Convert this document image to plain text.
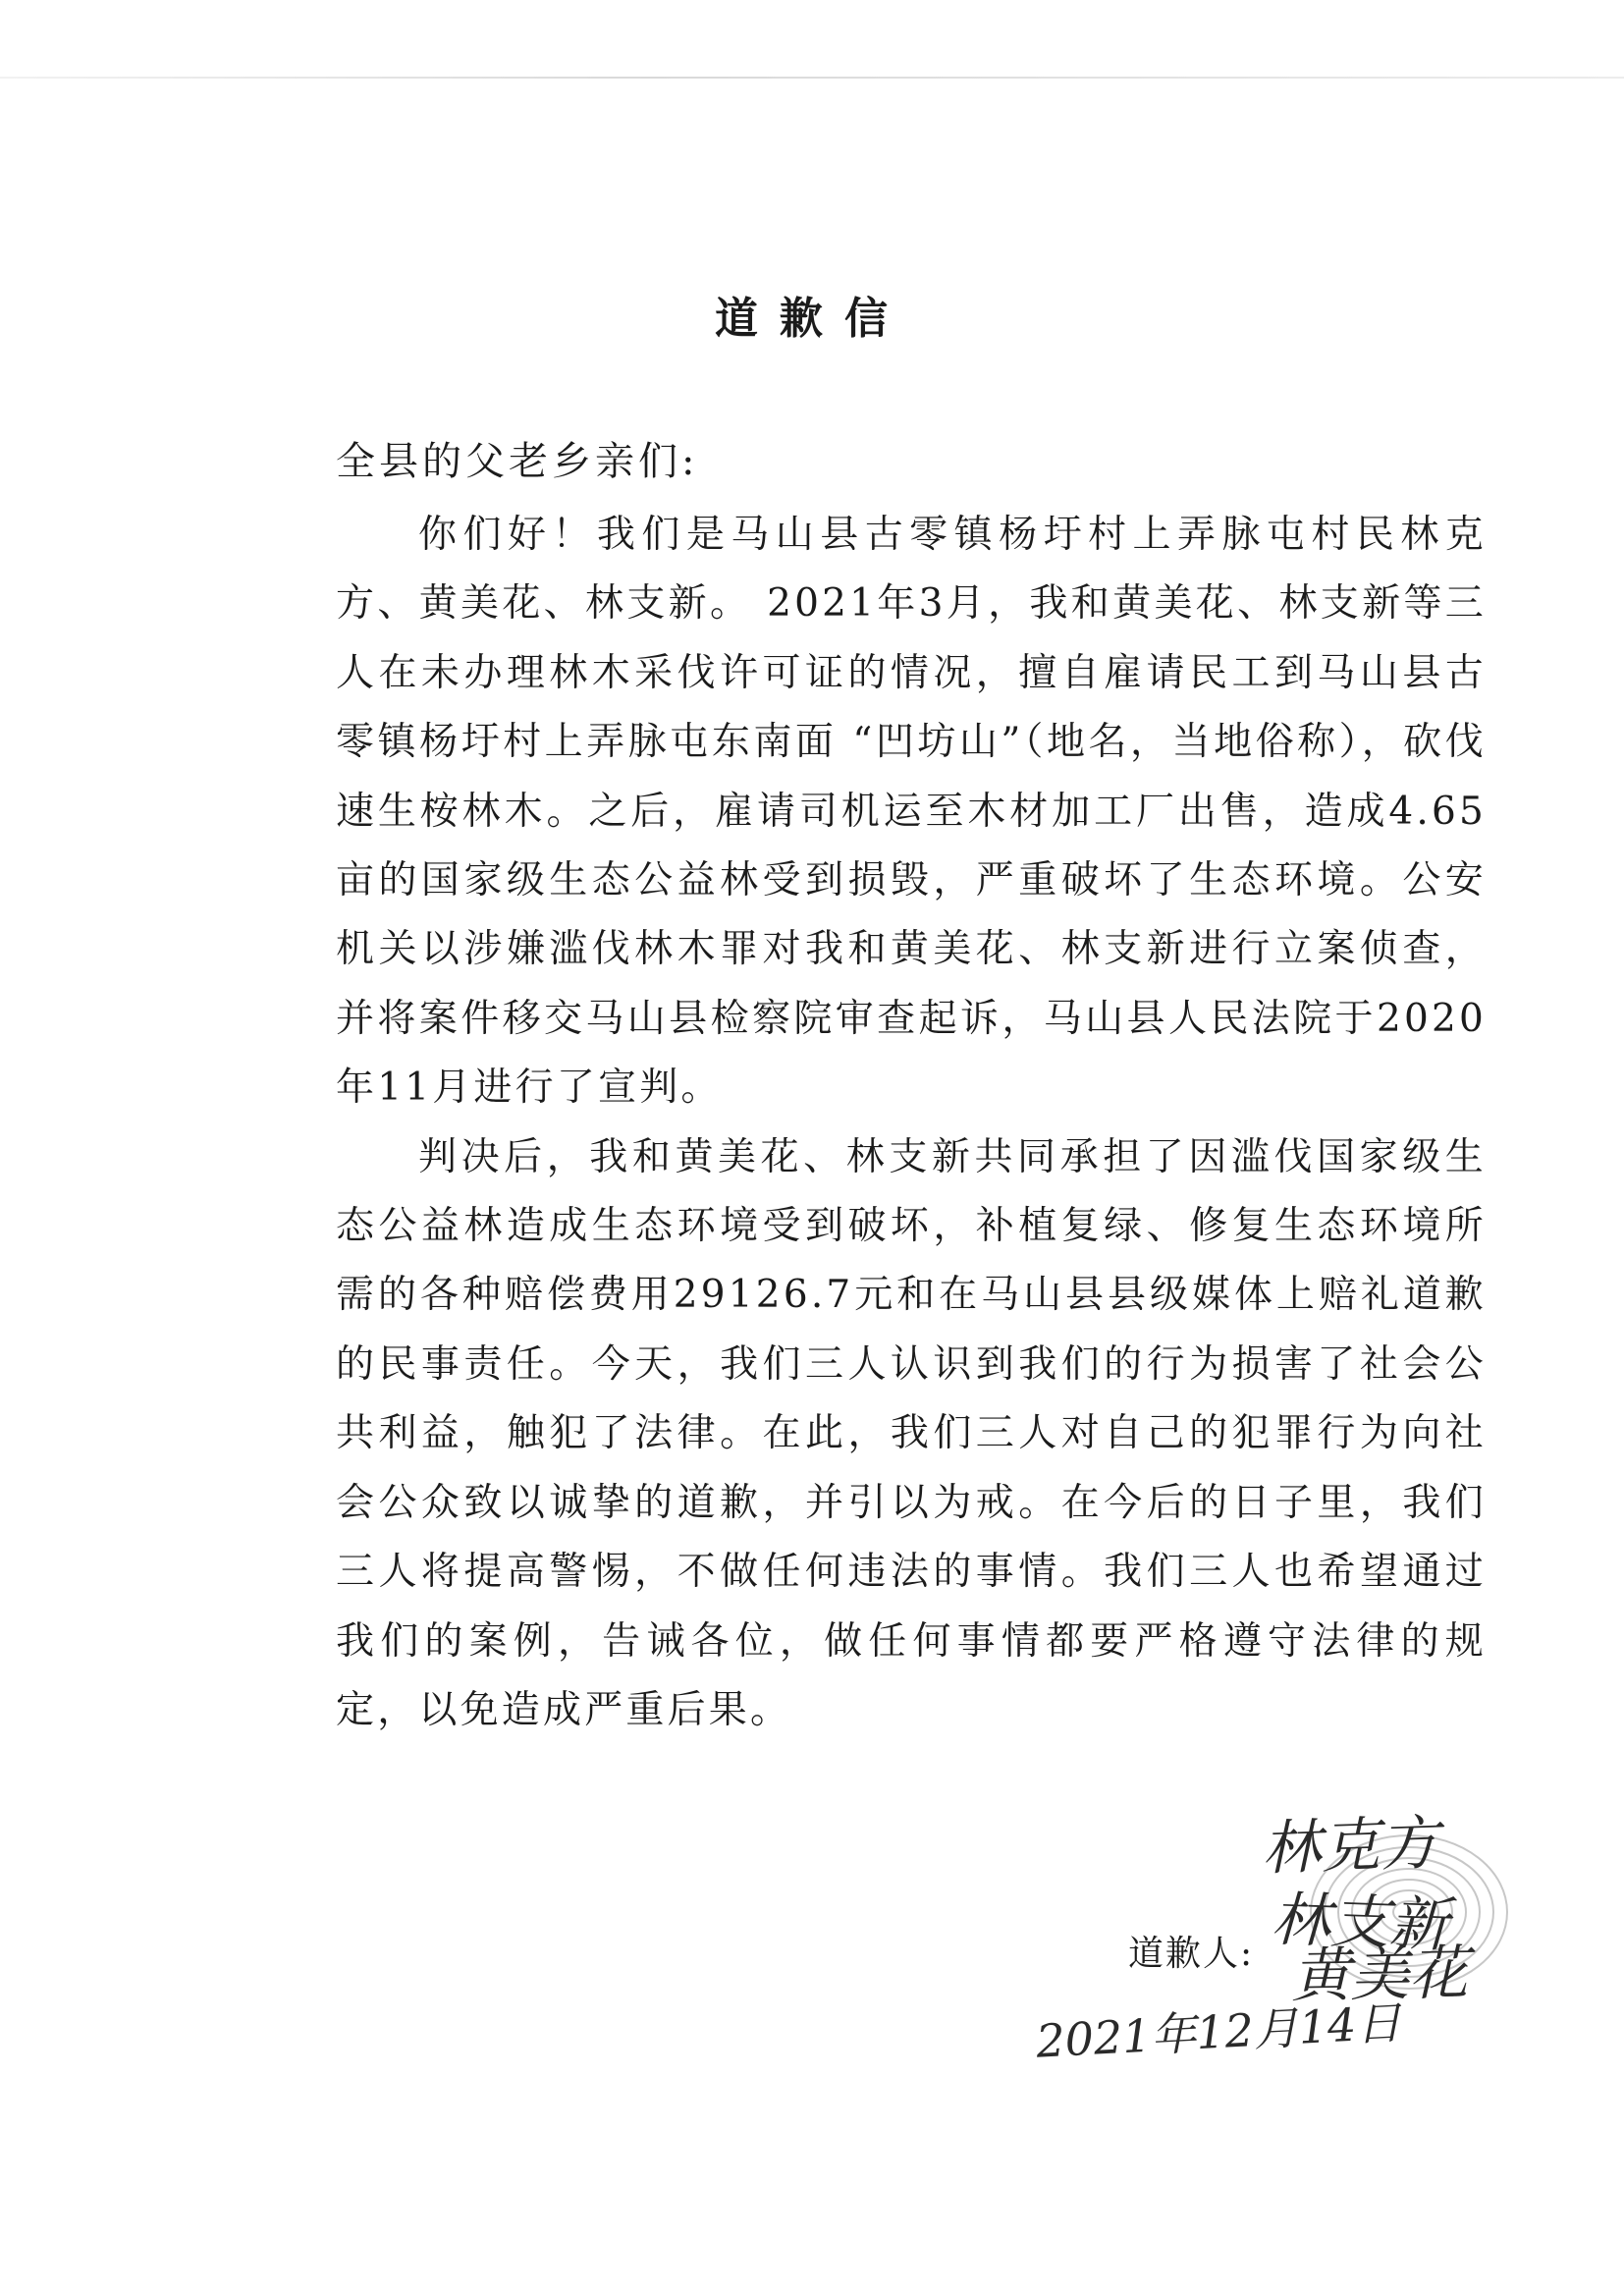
道歉信
全县的父老乡亲们:

你们好！我们是马山县古零镇杨圩村上弄脉屯村民林克方、黄美花、林支新。 2021年3月，我和黄美花、林支新等三人在未办理林木采伐许可证的情况，擅自雇请民工到马山县古零镇杨圩村上弄脉屯东南面 “凹坊山”（地名，当地俗称），砍伐速生桉林木。之后，雇请司机运至木材加工厂出售，造成4.65亩的国家级生态公益林受到损毁，严重破坏了生态环境。公安机关以涉嫌滥伐林木罪对我和黄美花、林支新进行立案侦查，并将案件移交马山县检察院审查起诉，马山县人民法院于2020年11月进行了宣判。

判决后，我和黄美花、林支新共同承担了因滥伐国家级生态公益林造成生态环境受到破坏，补植复绿、修复生态环境所需的各种赔偿费用29126.7元和在马山县县级媒体上赔礼道歉的民事责任。今天，我们三人认识到我们的行为损害了社会公共利益，触犯了法律。在此，我们三人对自己的犯罪行为向社会公众致以诚挚的道歉，并引以为戒。在今后的日子里，我们三人将提高警惕，不做任何违法的事情。我们三人也希望通过我们的案例，告诫各位，做任何事情都要严格遵守法律的规定，以免造成严重后果。

林克方
林支新
道歉人: 黄美花
2021年12月14日
